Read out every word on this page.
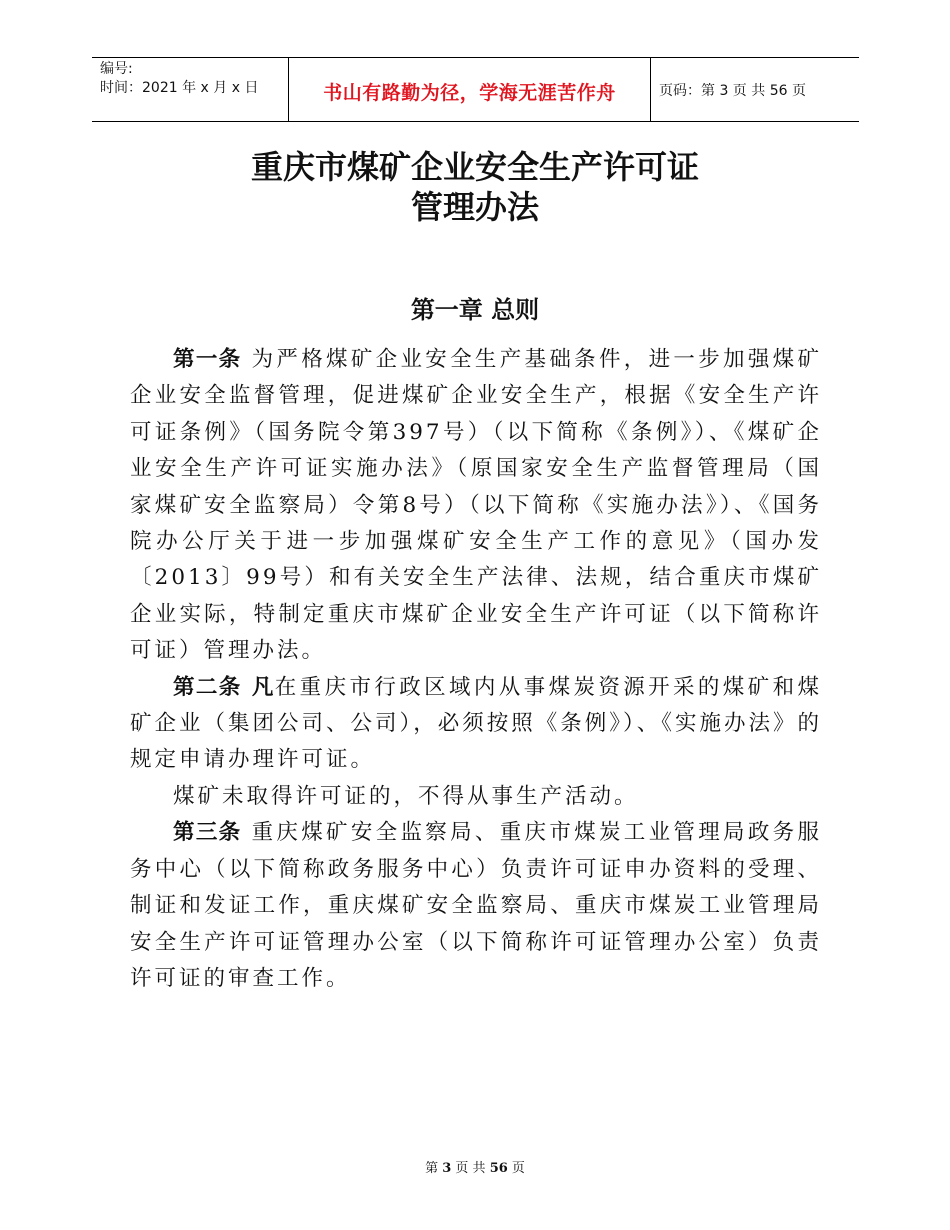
编号:
时间：2021 年 x 月 x 日	书山有路勤为径，学海无涯苦作舟	页码：第 3 页 共 56 页
重庆市煤矿企业安全生产许可证
管理办法
第一章 总则

第一条 为严格煤矿企业安全生产基础条件，进一步加强煤矿企业安全监督管理，促进煤矿企业安全生产，根据《安全生产许可证条例》（国务院令第397号）（以下简称《条例》）、《煤矿企业安全生产许可证实施办法》（原国家安全生产监督管理局（国家煤矿安全监察局）令第8号）（以下简称《实施办法》）、《国务院办公厅关于进一步加强煤矿安全生产工作的意见》（国办发〔2013〕99号）和有关安全生产法律、法规，结合重庆市煤矿企业实际，特制定重庆市煤矿企业安全生产许可证（以下简称许可证）管理办法。

第二条 凡在重庆市行政区域内从事煤炭资源开采的煤矿和煤矿企业（集团公司、公司），必须按照《条例》）、《实施办法》的规定申请办理许可证。

煤矿未取得许可证的，不得从事生产活动。

第三条 重庆煤矿安全监察局、重庆市煤炭工业管理局政务服务中心（以下简称政务服务中心）负责许可证申办资料的受理、制证和发证工作，重庆煤矿安全监察局、重庆市煤炭工业管理局安全生产许可证管理办公室（以下简称许可证管理办公室）负责许可证的审查工作。

第 3 页 共 56 页
